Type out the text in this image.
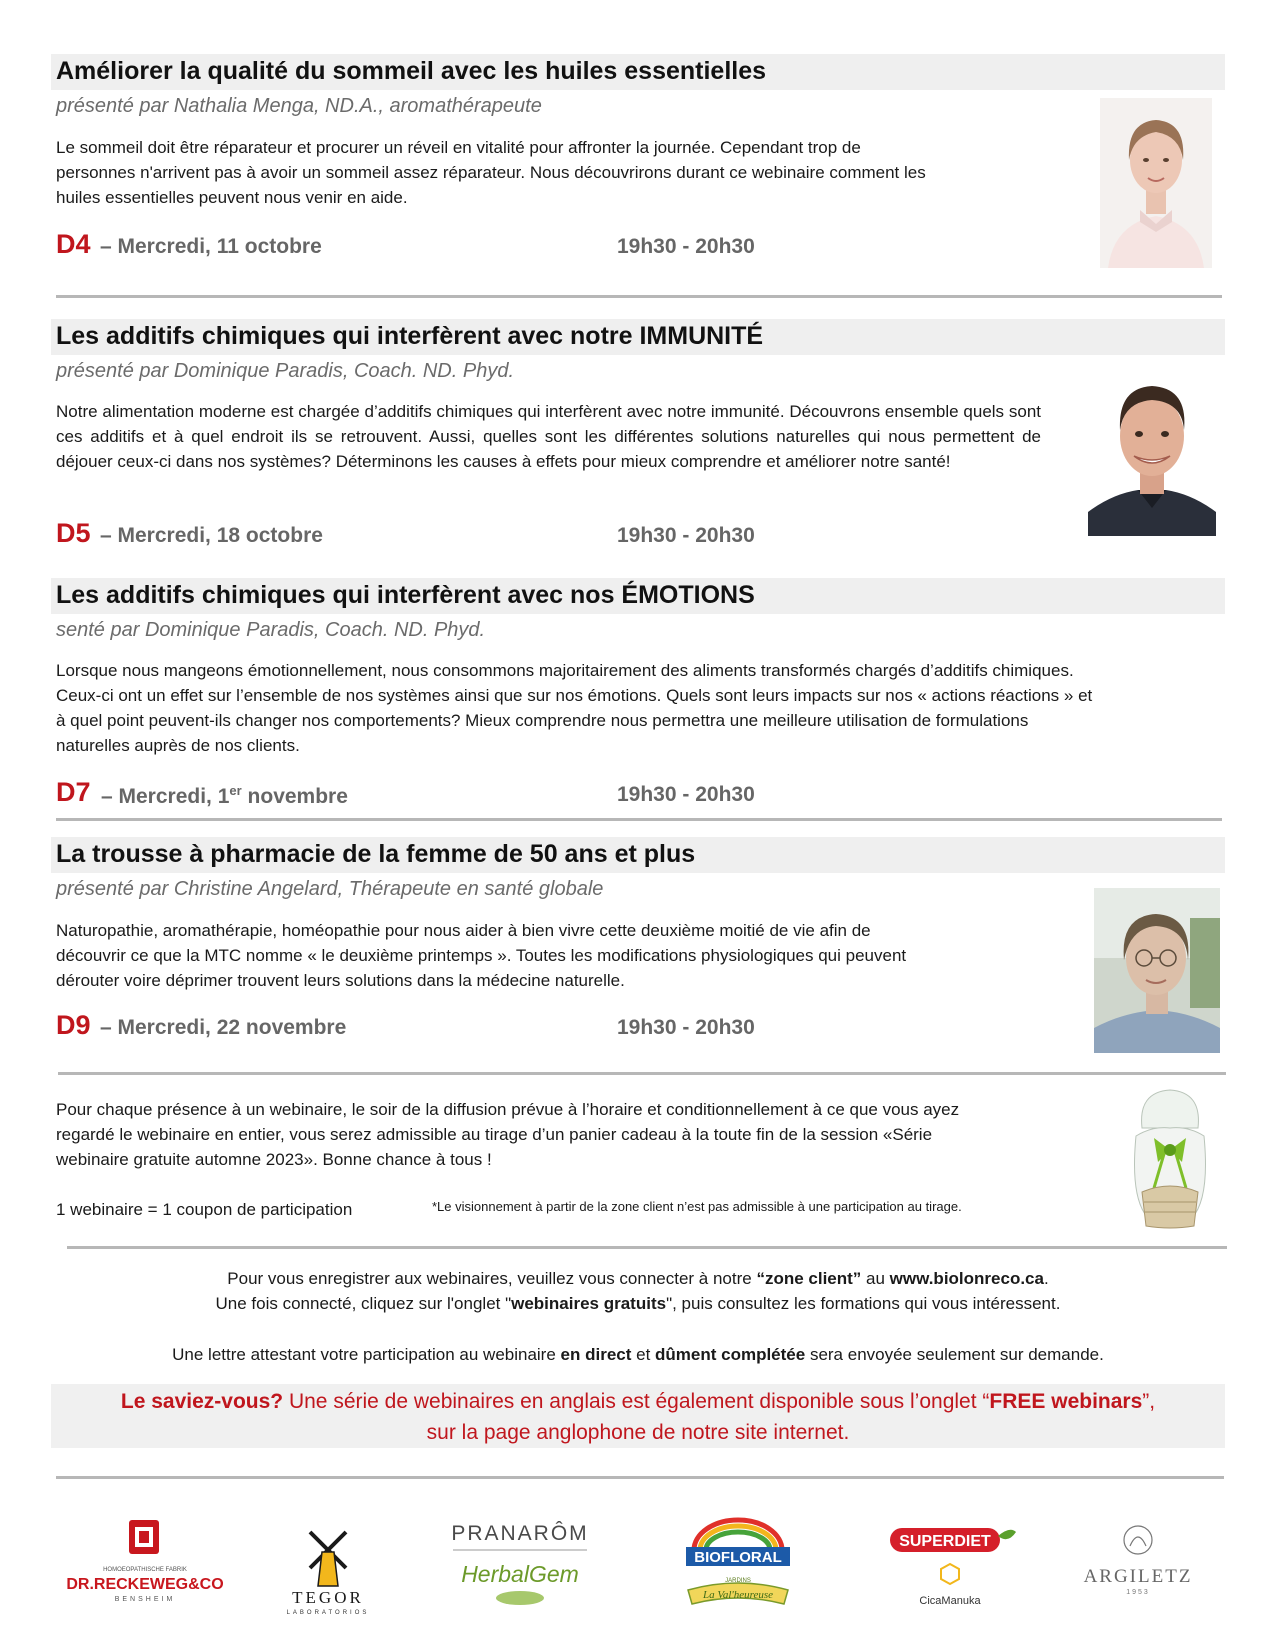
Améliorer la qualité du sommeil avec les huiles essentielles
présenté par Nathalia Menga, ND.A., aromathérapeute
Le sommeil doit être réparateur et procurer un réveil en vitalité pour affronter la journée. Cependant trop de
personnes n'arrivent pas à avoir un sommeil assez réparateur. Nous découvrirons durant ce webinaire comment les
huiles essentielles peuvent nous venir en aide.
D4 – Mercredi, 11 octobre	19h30 - 20h30
Les additifs chimiques qui interfèrent avec notre IMMUNITÉ
présenté par Dominique Paradis, Coach. ND. Phyd.
Notre alimentation moderne est chargée d’additifs chimiques qui interfèrent avec notre immunité. Découvrons ensemble quels sont ces additifs et à quel endroit ils se retrouvent. Aussi, quelles sont les différentes solutions naturelles qui nous permettent de déjouer ceux-ci dans nos systèmes? Déterminons les causes à effets pour mieux comprendre et améliorer notre santé!
D5 – Mercredi, 18 octobre	19h30 - 20h30
Les additifs chimiques qui interfèrent avec nos ÉMOTIONS
senté par Dominique Paradis, Coach. ND. Phyd.
Lorsque nous mangeons émotionnellement, nous consommons majoritairement des aliments transformés chargés d’additifs chimiques.
Ceux-ci ont un effet sur l’ensemble de nos systèmes ainsi que sur nos émotions. Quels sont leurs impacts sur nos « actions réactions » et
à quel point peuvent-ils changer nos comportements? Mieux comprendre nous permettra une meilleure utilisation de formulations
naturelles auprès de nos clients.
D7 – Mercredi, 1er novembre	19h30 - 20h30
La trousse à pharmacie de la femme de 50 ans et plus
présenté par Christine Angelard, Thérapeute en santé globale
Naturopathie, aromathérapie, homéopathie pour nous aider à bien vivre cette deuxième moitié de vie afin de
découvrir ce que la MTC nomme « le deuxième printemps ». Toutes les modifications physiologiques qui peuvent
dérouter voire déprimer trouvent leurs solutions dans la médecine naturelle.
D9 – Mercredi, 22 novembre	19h30 - 20h30
Pour chaque présence à un webinaire, le soir de la diffusion prévue à l’horaire et conditionnellement à ce que vous ayez
regardé le webinaire en entier, vous serez admissible au tirage d’un panier cadeau à la toute fin de la session «Série
webinaire gratuite automne 2023». Bonne chance à tous !
1 webinaire = 1 coupon de participation	*Le visionnement à partir de la zone client n’est pas admissible à une participation au tirage.
Pour vous enregistrer aux webinaires, veuillez vous connecter à notre “zone client” au www.biolonreco.ca.
Une fois connecté, cliquez sur l'onglet "webinaires gratuits", puis consultez les formations qui vous intéressent.
Une lettre attestant votre participation au webinaire en direct et dûment complétée sera envoyée seulement sur demande.
Le saviez-vous? Une série de webinaires en anglais est également disponible sous l’onglet “FREE webinars”,
sur la page anglophone de notre site internet.
HOMOEOPATHISCHE FABRIK
DR.RECKEWEG&CO
BENSHEIM	TEGOR
LABORATORIOS
PRANARÔM
HerbalGem
BIOFLORAL
JARDINS
La Val'heureuse
SUPERDIET
CicaManuka
ARGILETZ
1953
